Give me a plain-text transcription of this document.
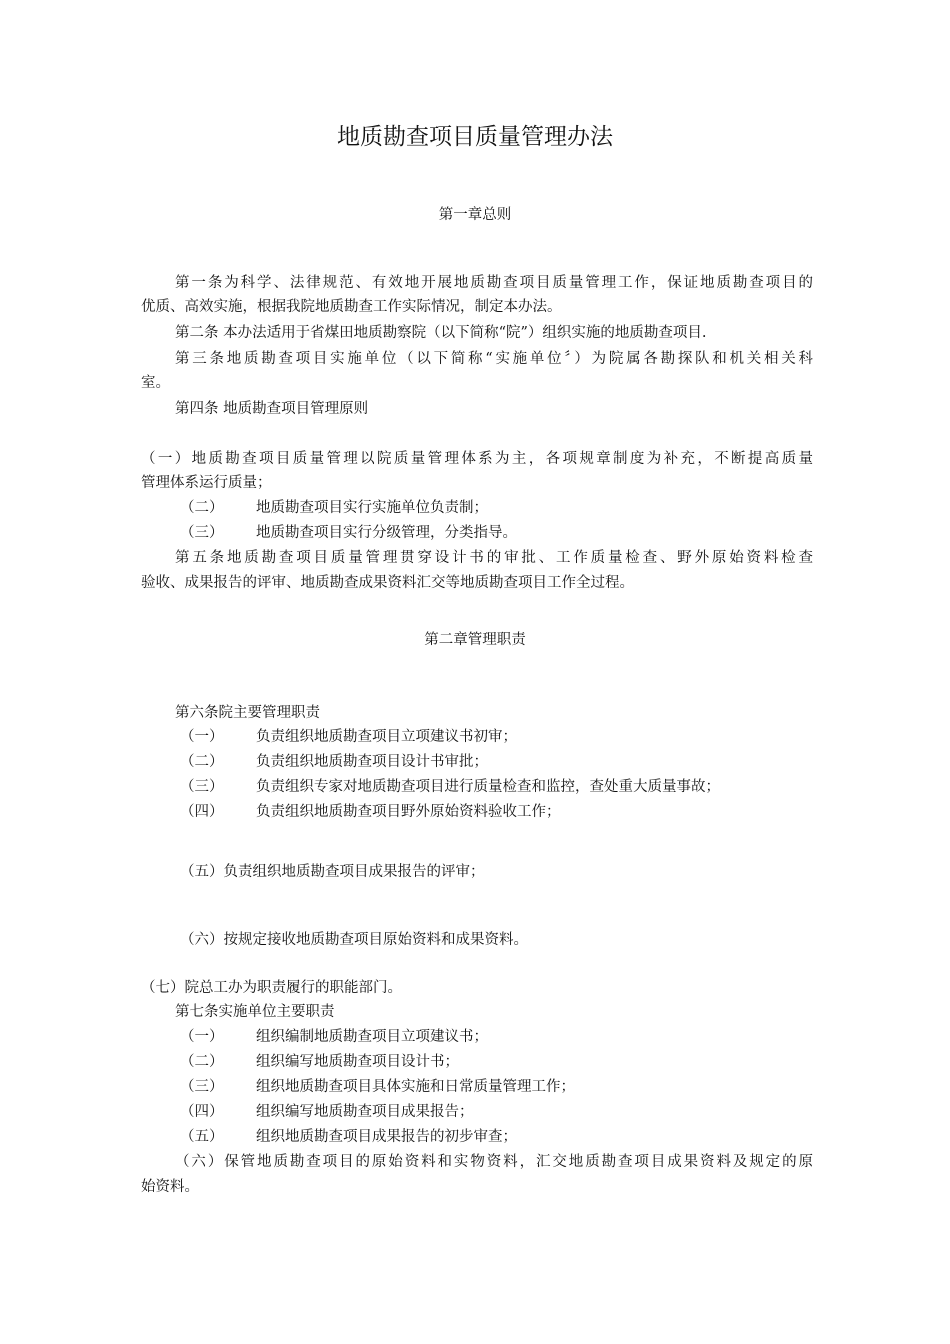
地质勘查项目质量管理办法
第一章总则
第一条为科学、法律规范、有效地开展地质勘查项目质量管理工作，保证地质勘查项目的
优质、高效实施，根据我院地质勘查工作实际情况，制定本办法。
第二条 本办法适用于省煤田地质勘察院（以下简称“院”）组织实施的地质勘查项目.
第三条地质勘查项目实施单位（以下简称“实施单位〞）为院属各勘探队和机关相关科
室。
第四条 地质勘查项目管理原则
（一）地质勘查项目质量管理以院质量管理体系为主，各项规章制度为补充，不断提高质量
管理体系运行质量；
（二） 地质勘查项目实行实施单位负责制；
（三） 地质勘查项目实行分级管理，分类指导。
第五条地质勘查项目质量管理贯穿设计书的审批、工作质量检查、野外原始资料检查
验收、成果报告的评审、地质勘查成果资料汇交等地质勘查项目工作全过程。
第二章管理职责
第六条院主要管理职责
（一） 负责组织地质勘查项目立项建议书初审；
（二） 负责组织地质勘查项目设计书审批；
（三） 负责组织专家对地质勘查项目进行质量检查和监控，查处重大质量事故；
（四） 负责组织地质勘查项目野外原始资料验收工作；
（五）负责组织地质勘查项目成果报告的评审；
（六）按规定接收地质勘查项目原始资料和成果资料。
（七）院总工办为职责履行的职能部门。
第七条实施单位主要职责
（一） 组织编制地质勘查项目立项建议书；
（二） 组织编写地质勘查项目设计书；
（三） 组织地质勘查项目具体实施和日常质量管理工作；
（四） 组织编写地质勘查项目成果报告；
（五） 组织地质勘查项目成果报告的初步审查；
（六）保管地质勘查项目的原始资料和实物资料，汇交地质勘查项目成果资料及规定的原
始资料。
